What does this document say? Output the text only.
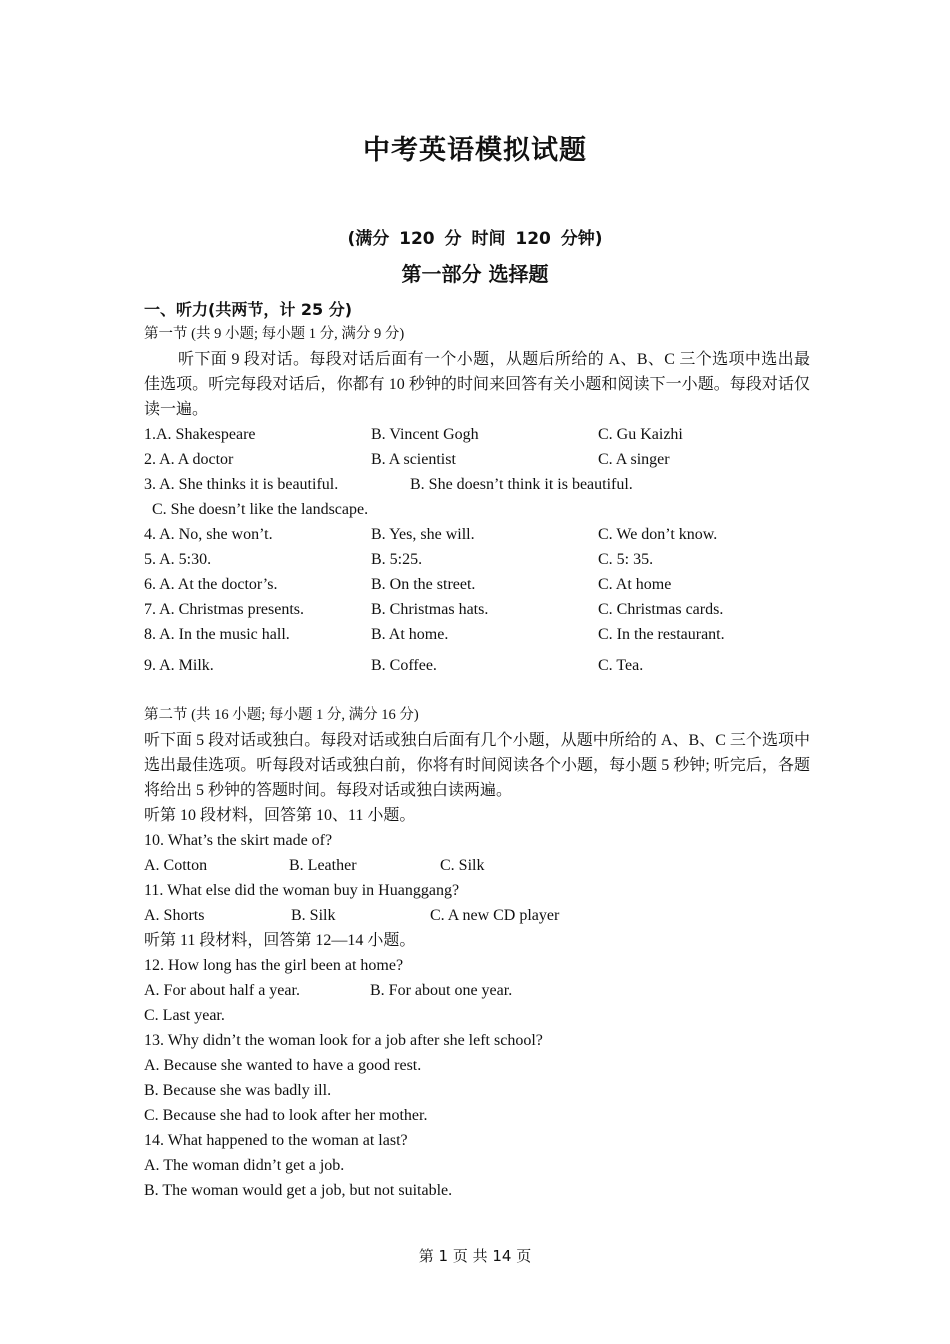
中考英语模拟试题
(满分 120 分 时间 120 分钟)
第一部分 选择题
一、听力(共两节，计 25 分)
第一节 (共 9 小题; 每小题 1 分, 满分 9 分)
听下面 9 段对话。每段对话后面有一个小题，从题后所给的 A、B、C 三个选项中选出最佳选项。听完每段对话后，你都有 10 秒钟的时间来回答有关小题和阅读下一小题。每段对话仅读一遍。
1.A. Shakespeare	B. Vincent Gogh	C. Gu Kaizhi
2. A. A doctor	B. A scientist	C. A singer
3. A. She thinks it is beautiful.	B. She doesn’t think it is beautiful.
C. She doesn’t like the landscape.
4. A. No, she won’t.	B. Yes, she will.	C. We don’t know.
5. A. 5:30.	B. 5:25.	C. 5: 35.
6. A. At the doctor’s.	B. On the street.	C. At home
7. A. Christmas presents.	B. Christmas hats.	C. Christmas cards.
8. A. In the music hall.	B. At home.	C. In the restaurant.
9. A. Milk.	B. Coffee.	C. Tea.
第二节 (共 16 小题; 每小题 1 分, 满分 16 分)
听下面 5 段对话或独白。每段对话或独白后面有几个小题，从题中所给的 A、B、C 三个选项中选出最佳选项。听每段对话或独白前，你将有时间阅读各个小题，每小题 5 秒钟; 听完后，各题将给出 5 秒钟的答题时间。每段对话或独白读两遍。
听第 10 段材料，回答第 10、11 小题。
10. What’s the skirt made of?
A. Cotton	B. Leather	C. Silk
11. What else did the woman buy in Huanggang?
A. Shorts	B. Silk	C. A new CD player
听第 11 段材料，回答第 12—14 小题。
12. How long has the girl been at home?
A. For about half a year.	B. For about one year.
C. Last year.
13. Why didn’t the woman look for a job after she left school?
A. Because she wanted to have a good rest.
B. Because she was badly ill.
C. Because she had to look after her mother.
14. What happened to the woman at last?
A. The woman didn’t get a job.
B. The woman would get a job, but not suitable.
第 1 页 共 14 页
